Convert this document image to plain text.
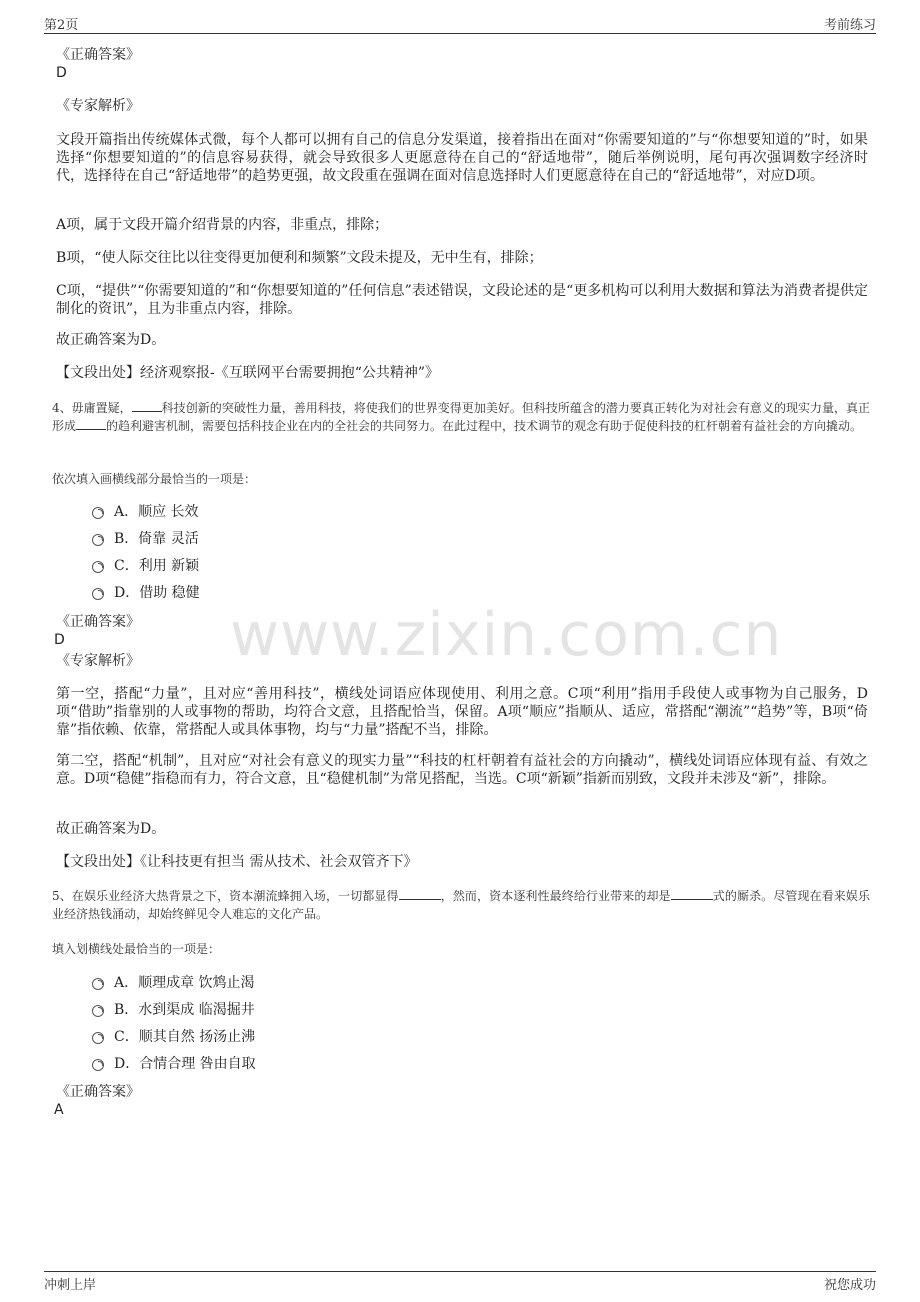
第2页	考前练习
www.zixin.com.cn
《正确答案》
D
《专家解析》
文段开篇指出传统媒体式微，每个人都可以拥有自己的信息分发渠道，接着指出在面对“你需要知道的”与“你想要知道的”时，如果选择“你想要知道的”的信息容易获得，就会导致很多人更愿意待在自己的“舒适地带”，随后举例说明，尾句再次强调数字经济时代，选择待在自己“舒适地带”的趋势更强，故文段重在强调在面对信息选择时人们更愿意待在自己的“舒适地带”，对应D项。
A项，属于文段开篇介绍背景的内容，非重点，排除；
B项，“使人际交往比以往变得更加便利和频繁”文段未提及，无中生有，排除；
C项，“提供”“你需要知道的”和“你想要知道的”任何信息”表述错误，文段论述的是“更多机构可以利用大数据和算法为消费者提供定制化的资讯”，且为非重点内容，排除。
故正确答案为D。
【文段出处】经济观察报-《互联网平台需要拥抱“公共精神”》
4、毋庸置疑，	科技创新的突破性力量，善用科技，将使我们的世界变得更加美好。但科技所蕴含的潜力要真正转化为对社会有意义的现实力量，真正形成	的趋利避害机制，需要包括科技企业在内的全社会的共同努力。在此过程中，技术调节的观念有助于促使科技的杠杆朝着有益社会的方向撬动。
依次填入画横线部分最恰当的一项是：
A．顺应 长效
B．倚靠 灵活
C．利用 新颖
D．借助 稳健
《正确答案》
D
《专家解析》
第一空，搭配“力量”，且对应“善用科技”，横线处词语应体现使用、利用之意。C项“利用”指用手段使人或事物为自己服务，D项“借助”指靠别的人或事物的帮助，均符合文意，且搭配恰当，保留。A项“顺应”指顺从、适应，常搭配“潮流”“趋势”等，B项“倚靠”指依赖、依靠，常搭配人或具体事物，均与“力量”搭配不当，排除。
第二空，搭配“机制”，且对应“对社会有意义的现实力量”“科技的杠杆朝着有益社会的方向撬动”，横线处词语应体现有益、有效之意。D项“稳健”指稳而有力，符合文意，且“稳健机制”为常见搭配，当选。C项“新颖”指新而别致，文段并未涉及“新”，排除。
故正确答案为D。
【文段出处】《让科技更有担当 需从技术、社会双管齐下》
5、在娱乐业经济大热背景之下，资本潮流蜂拥入场，一切都显得	，然而，资本逐利性最终给行业带来的却是	式的厮杀。尽管现在看来娱乐业经济热钱涌动，却始终鲜见令人难忘的文化产品。
填入划横线处最恰当的一项是：
A．顺理成章 饮鸩止渴
B．水到渠成 临渴掘井
C．顺其自然 扬汤止沸
D．合情合理 咎由自取
《正确答案》
A
冲刺上岸	祝您成功
